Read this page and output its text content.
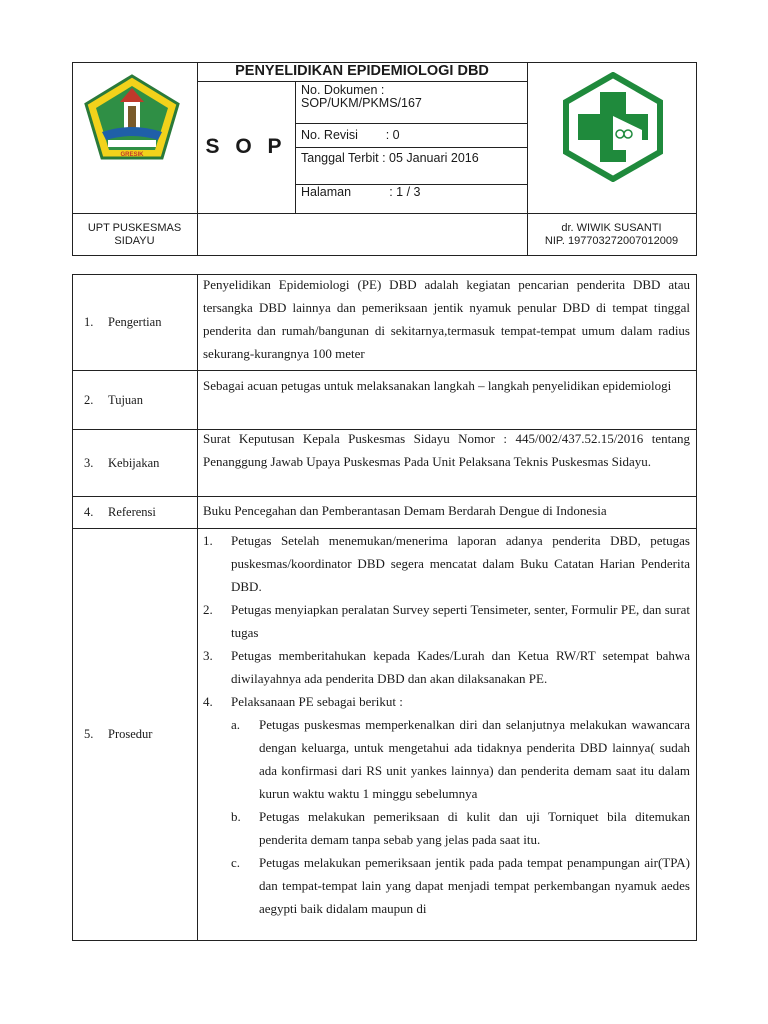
GRESIK
PENYELIDIKAN EPIDEMIOLOGI DBD
S O P
No. Dokumen :
SOP/UKM/PKMS/167
No. Revisi        : 0
Tanggal Terbit : 05 Januari 2016
Halaman           : 1 / 3
UPT PUSKESMAS
SIDAYU
dr. WIWIK SUSANTI
NIP. 197703272007012009
1.	Pengertian

Penyelidikan Epidemiologi (PE) DBD adalah kegiatan pencarian penderita DBD atau tersangka DBD lainnya dan pemeriksaan jentik nyamuk penular DBD di tempat tinggal penderita dan rumah/bangunan di sekitarnya,termasuk tempat-tempat umum dalam radius sekurang-kurangnya 100 meter

2.	Tujuan

Sebagai acuan petugas untuk melaksanakan langkah – langkah penyelidikan epidemiologi

3.	Kebijakan

Surat Keputusan Kepala Puskesmas Sidayu Nomor : 445/002/437.52.15/2016 tentang Penanggung Jawab Upaya Puskesmas Pada Unit Pelaksana Teknis Puskesmas Sidayu.

4.	Referensi	Buku Pencegahan dan Pemberantasan Demam Berdarah Dengue di Indonesia

5.	Prosedur
1.	Petugas Setelah menemukan/menerima laporan adanya penderita DBD, petugas puskesmas/koordinator DBD segera mencatat dalam Buku Catatan Harian Penderita DBD.
2.	Petugas menyiapkan peralatan Survey seperti Tensimeter, senter, Formulir PE, dan surat tugas
3.	Petugas memberitahukan kepada Kades/Lurah dan Ketua RW/RT setempat bahwa diwilayahnya ada penderita DBD dan akan dilaksanakan PE.
4.	Pelaksanaan PE sebagai berikut :
a.	Petugas puskesmas memperkenalkan diri dan selanjutnya melakukan wawancara dengan keluarga, untuk mengetahui ada tidaknya penderita DBD lainnya( sudah ada konfirmasi dari RS unit yankes lainnya) dan penderita demam saat itu dalam kurun waktu waktu 1 minggu sebelumnya
b.	Petugas melakukan pemeriksaan di kulit dan uji Torniquet bila ditemukan penderita demam tanpa sebab yang jelas pada saat itu.
c.	Petugas melakukan pemeriksaan jentik pada pada tempat penampungan air(TPA) dan tempat-tempat lain yang dapat menjadi tempat perkembangan nyamuk aedes aegypti baik didalam maupun di
